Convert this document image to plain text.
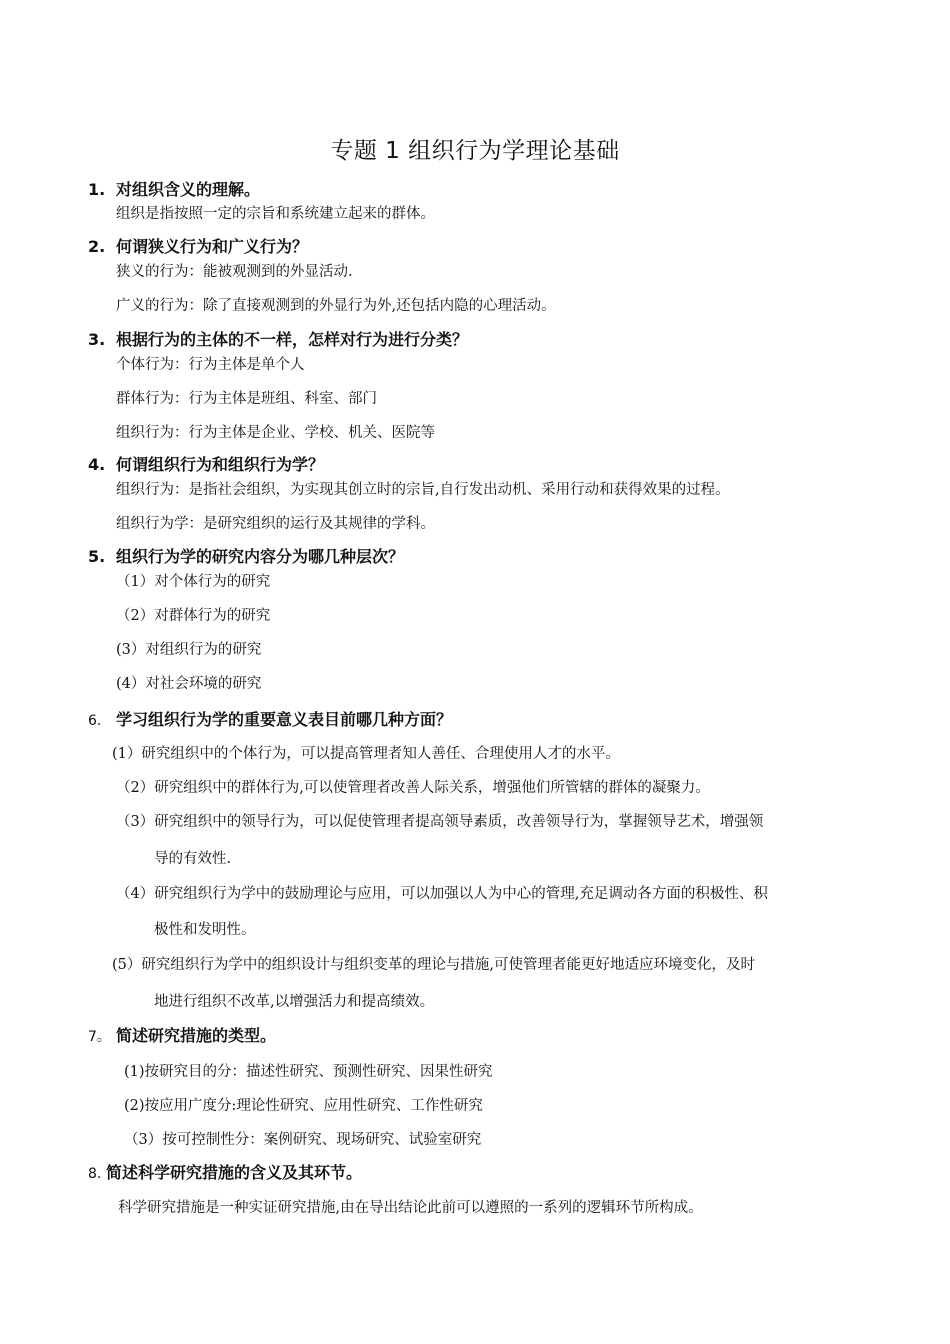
专题 1 组织行为学理论基础
1. 对组织含义的理解。
组织是指按照一定的宗旨和系统建立起来的群体。
2. 何谓狭义行为和广义行为？
狭义的行为：能被观测到的外显活动.
广义的行为：除了直接观测到的外显行为外,还包括内隐的心理活动。
3. 根据行为的主体的不一样，怎样对行为进行分类？
个体行为：行为主体是单个人
群体行为：行为主体是班组、科室、部门
组织行为：行为主体是企业、学校、机关、医院等
4. 何谓组织行为和组织行为学？
组织行为：是指社会组织，为实现其创立时的宗旨,自行发出动机、采用行动和获得效果的过程。
组织行为学：是研究组织的运行及其规律的学科。
5. 组织行为学的研究内容分为哪几种层次？
（1）对个体行为的研究
（2）对群体行为的研究
(3）对组织行为的研究
(4）对社会环境的研究
6. 学习组织行为学的重要意义表目前哪几种方面？
(1）研究组织中的个体行为，可以提高管理者知人善任、合理使用人才的水平。
（2）研究组织中的群体行为,可以使管理者改善人际关系，增强他们所管辖的群体的凝聚力。
（3）研究组织中的领导行为，可以促使管理者提高领导素质，改善领导行为，掌握领导艺术，增强领
导的有效性.
（4）研究组织行为学中的鼓励理论与应用，可以加强以人为中心的管理,充足调动各方面的积极性、积
极性和发明性。
(5）研究组织行为学中的组织设计与组织变革的理论与措施,可使管理者能更好地适应环境变化，及时
地进行组织不改革,以增强活力和提高绩效。
7。 简述研究措施的类型。
(1)按研究目的分：描述性研究、预测性研究、因果性研究
(2)按应用广度分:理论性研究、应用性研究、工作性研究
（3）按可控制性分：案例研究、现场研究、试验室研究
8. 简述科学研究措施的含义及其环节。
科学研究措施是一种实证研究措施,由在导出结论此前可以遵照的一系列的逻辑环节所构成。
